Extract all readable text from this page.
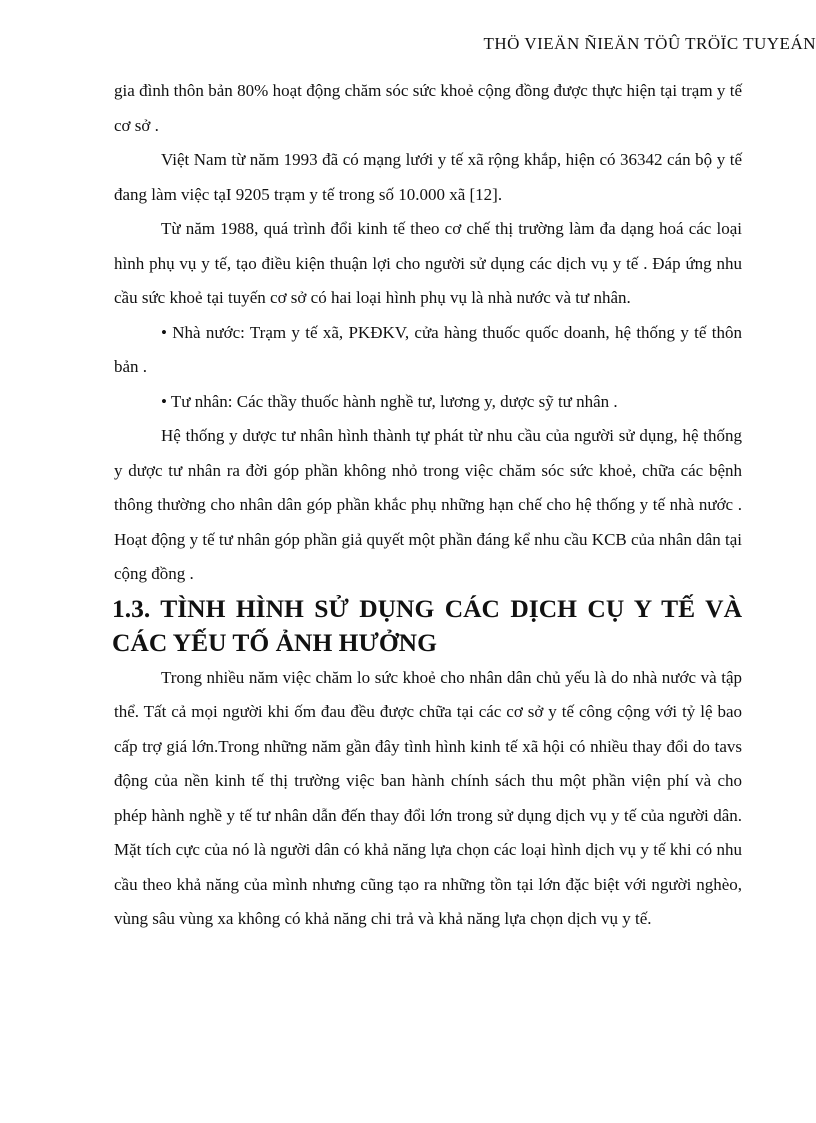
THÖ VIEÄN ÑIEÄN TÖÛ TRÖÏC TUYEÁN

gia đình thôn bản 80% hoạt động chăm sóc sức khoẻ cộng đồng được thực hiện tại trạm y tế cơ sở .

Việt Nam từ năm 1993 đã có mạng lưới y tế xã rộng khắp, hiện có 36342 cán bộ y tế đang làm việc tạI 9205 trạm y tế trong số 10.000 xã [12].

Từ năm 1988, quá trình đổi kinh tế theo cơ chế thị trường làm đa dạng hoá các loại hình phụ vụ y tế, tạo điều kiện thuận lợi cho người sử dụng các dịch vụ y tế . Đáp ứng nhu cầu sức khoẻ tại tuyến cơ sở có hai loại hình phụ vụ là nhà nước và tư nhân.

• Nhà nước: Trạm y tế xã, PKĐKV, cửa hàng thuốc quốc doanh, hệ thống y tế thôn bản .

• Tư nhân: Các thầy thuốc hành nghề tư, lương y, dược sỹ tư nhân .

Hệ thống y dược tư nhân hình thành tự phát từ nhu cầu của người sử dụng, hệ thống y dược tư nhân ra đời góp phần không nhỏ trong việc chăm sóc sức khoẻ, chữa các bệnh thông thường cho nhân dân góp phần khắc phụ những hạn chế cho hệ thống y tế nhà nước . Hoạt động y tế tư nhân góp phần giả quyết một phần đáng kể nhu cầu KCB của nhân dân tại cộng đồng .

1.3. TÌNH HÌNH SỬ DỤNG CÁC DỊCH CỤ Y TẾ VÀ CÁC YẾU TỐ ẢNH HƯỞNG

Trong nhiều năm việc chăm lo sức khoẻ cho nhân dân chủ yếu là do nhà nước và tập thể. Tất cả mọi người khi ốm đau đều được chữa tại các cơ sở y tế công cộng với tỷ lệ bao cấp trợ giá lớn.Trong những năm gần đây tình hình kinh tế xã hội có nhiều thay đổi do tavs động của nền kinh tế thị trường việc ban hành chính sách thu một phần viện phí và cho phép hành nghề y tế tư nhân dẫn đến thay đổi lớn trong sử dụng dịch vụ y tế của người dân. Mặt tích cực của nó là người dân có khả năng lựa chọn các loại hình dịch vụ y tế khi có nhu cầu theo khả năng của mình nhưng cũng tạo ra những tồn tại lớn đặc biệt với người nghèo, vùng sâu vùng xa không có khả năng chi trả và khả năng lựa chọn dịch vụ y tế.
